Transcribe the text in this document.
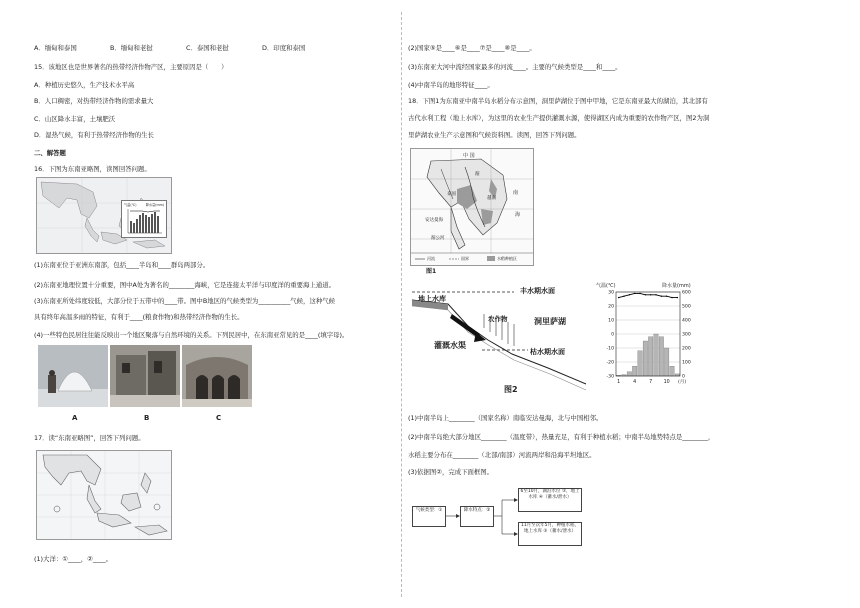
A．缅甸和泰国	B．缅甸和老挝	C．泰国和老挝	D．印度和泰国
15．该地区也是世界著名的热带经济作物产区，主要原因是（　　）
A．种植历史悠久，生产技术水平高
B．人口稠密，对热带经济作物的需求量大
C．山区降水丰富，土壤肥沃
D．湿热气候，有利于热带经济作物的生长
二、解答题
16．下图为东南亚略图，读图回答问题。
气温(℃)	降水量(mm)
(1)东南亚位于亚洲东南部，包括____半岛和____群岛两部分。
(2)东南亚地理位置十分重要，图中A处为著名的________海峡，它是连接太平洋与印度洋的重要海上通道。
(3)东南亚所处纬度较低，大部分位于五带中的____带。图中B地区的气候类型为__________气候，这种气候
具有终年高温多雨的特征，有利于____(粮食作物)和热带经济作物的生长。
(4)一些特色民居往往能反映出一个地区聚落与自然环境的关系。下列民居中，在东南亚常见的是____(填字母)。
A	B	C
17．读“东南亚略图”，回答下列问题。
(1)大洋：①____，②____。
(2)国家⑤是____⑥是____⑦是____⑧是____。
(3)东南亚大河中流经国家最多的河流____。主要的气候类型是____和____。
(4)中南半岛的地形特征____。
18．下图1为东南亚中南半岛水稻分布示意图，洞里萨湖位于图中甲地，它是东南亚最大的湖泊，其北部有
古代水利工程（地上水库），为这里的农业生产提供灌溉水源，使得湖区内成为重要的农作物产区，图2为洞
里萨湖农业生产示意图和气候资料图。读图，回答下列问题。
中 国
南
海
安达曼海
湄
湄公河
越南
泰国
河流	国界	水稻种植区
图1
丰水期水面
地上水库
农作物	洞里萨湖
灌溉水渠
枯水期水面
图2
气温(℃)	降水量(mm)
-30	0
-20	100
-10	200
0	300
10	400
20	500
30	600
1	4	7 10 (月)
(1)中南半岛上________（国家名称）南临安达曼海，北与中国相邻。
(2)中南半岛绝大部分地区________（温度带），热量充足，有利于种植水稻；中南半岛地势特点是________，
水稻主要分布在________（北部/南部）河流两岸和沿海平坦地区。
(3)依据图②，完成下面框图。
气候类型：①	降水特点：②
6至10月，湖泊水位 ③，地上水库 ④（蓄水/泄水）
11月至次年5月，种植水稻，地上水库 ⑤（蓄水/泄水）
